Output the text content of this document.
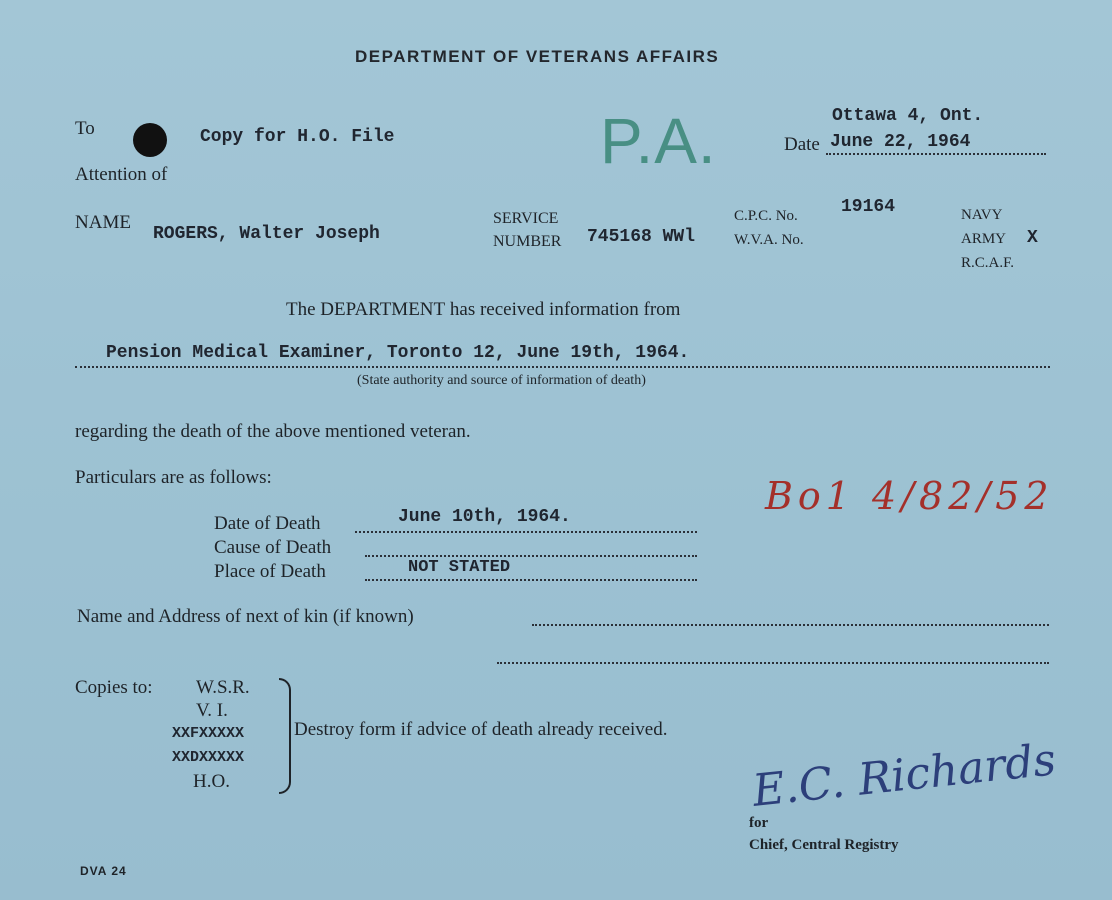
DEPARTMENT OF VETERANS AFFAIRS
To	Copy for H.O. File
Attention of	P.A.	Ottawa 4, Ont.
Date June 22, 1964
NAME
ROGERS, Walter Joseph
SERVICE
NUMBER 745168 WWl
C.P.C. No. 19164
W.V.A. No.
NAVY
ARMY X
R.C.A.F.
The DEPARTMENT has received information from
Pension Medical Examiner, Toronto 12, June 19th, 1964.
(State authority and source of information of death)
regarding the death of the above mentioned veteran.
Particulars are as follows:
Date of Death	June 10th, 1964.
Cause of Death
Place of Death	NOT STATED
Bo1 4/82/52
Name and Address of next of kin (if known)
Copies to: W.S.R.
V. I.
XXFXXXXX
XXDXXXXX
H.O.
Destroy form if advice of death already received.
E.C. Richards
for
Chief, Central Registry
DVA 24
